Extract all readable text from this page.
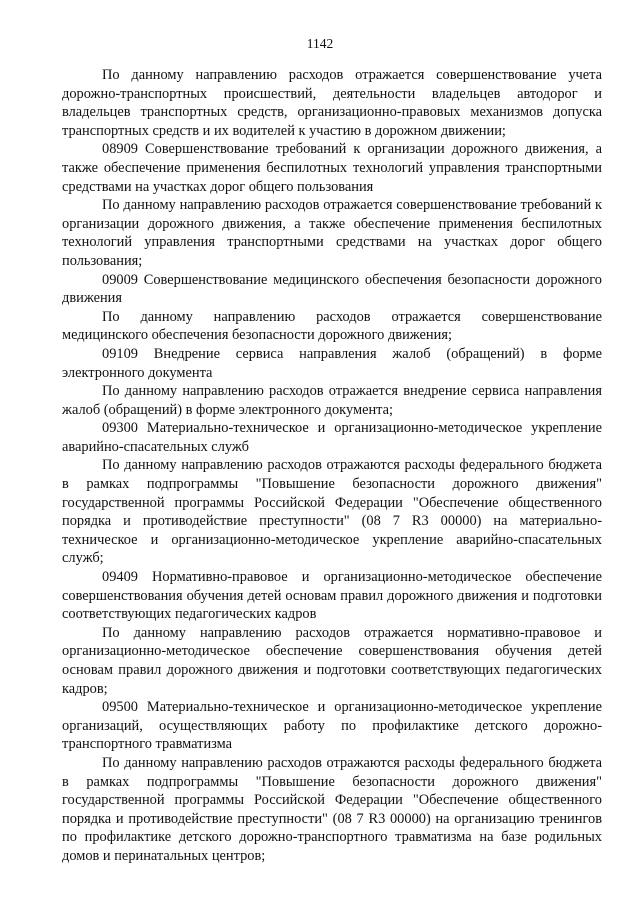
1142

По данному направлению расходов отражается совершенствование учета дорожно-транспортных происшествий, деятельности владельцев автодорог и владельцев транспортных средств, организационно-правовых механизмов допуска транспортных средств и их водителей к участию в дорожном движении;

08909 Совершенствование требований к организации дорожного движения, а также обеспечение применения беспилотных технологий управления транспортными средствами на участках дорог общего пользования

По данному направлению расходов отражается совершенствование требований к организации дорожного движения, а также обеспечение применения беспилотных технологий управления транспортными средствами на участках дорог общего пользования;

09009 Совершенствование медицинского обеспечения безопасности дорожного движения

По данному направлению расходов отражается совершенствование медицинского обеспечения безопасности дорожного движения;

09109 Внедрение сервиса направления жалоб (обращений) в форме электронного документа

По данному направлению расходов отражается внедрение сервиса направления жалоб (обращений) в форме электронного документа;

09300 Материально-техническое и организационно-методическое укрепление аварийно-спасательных служб

По данному направлению расходов отражаются расходы федерального бюджета в рамках подпрограммы "Повышение безопасности дорожного движения" государственной программы Российской Федерации "Обеспечение общественного порядка и противодействие преступности" (08 7 R3 00000) на материально-техническое и организационно-методическое укрепление аварийно-спасательных служб;

09409 Нормативно-правовое и организационно-методическое обеспечение совершенствования обучения детей основам правил дорожного движения и подготовки соответствующих педагогических кадров

По данному направлению расходов отражается нормативно-правовое и организационно-методическое обеспечение совершенствования обучения детей основам правил дорожного движения и подготовки соответствующих педагогических кадров;

09500 Материально-техническое и организационно-методическое укрепление организаций, осуществляющих работу по профилактике детского дорожно-транспортного травматизма

По данному направлению расходов отражаются расходы федерального бюджета в рамках подпрограммы "Повышение безопасности дорожного движения" государственной программы Российской Федерации "Обеспечение общественного порядка и противодействие преступности" (08 7 R3 00000) на организацию тренингов по профилактике детского дорожно-транспортного травматизма на базе родильных домов и перинатальных центров;
